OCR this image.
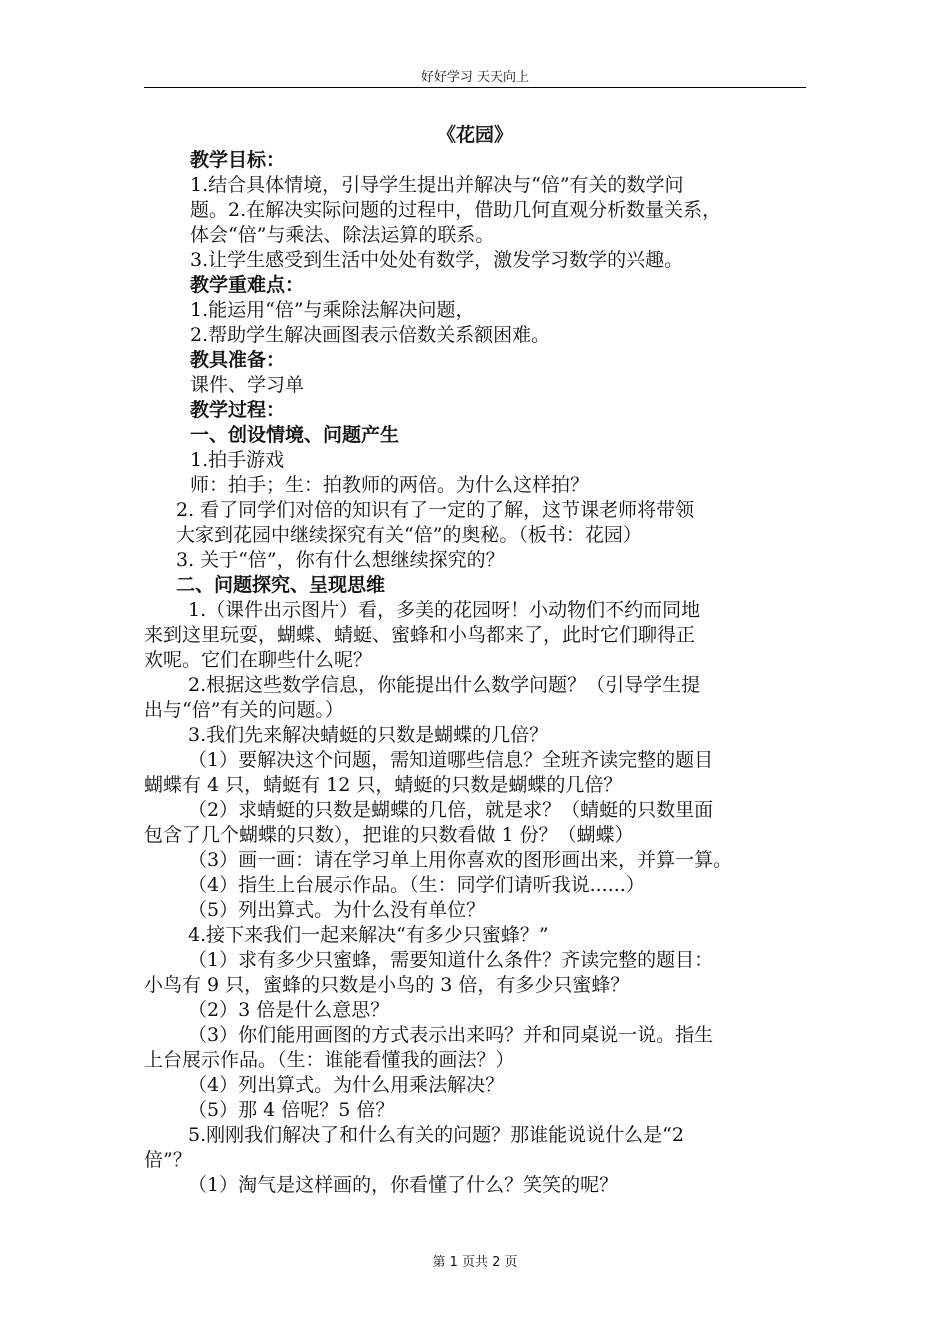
好好学习 天天向上
《花园》
教学目标：
1.结合具体情境，引导学生提出并解决与“倍”有关的数学问
题。2.在解决实际问题的过程中，借助几何直观分析数量关系，
体会“倍”与乘法、除法运算的联系。
3.让学生感受到生活中处处有数学，激发学习数学的兴趣。
教学重难点：
1.能运用“倍”与乘除法解决问题，
2.帮助学生解决画图表示倍数关系额困难。
教具准备：
课件、学习单
教学过程：
一、创设情境、问题产生
1.拍手游戏
师：拍手；生：拍教师的两倍。为什么这样拍？
2. 看了同学们对倍的知识有了一定的了解，这节课老师将带领
大家到花园中继续探究有关“倍”的奥秘。（板书：花园）
3. 关于“倍”，你有什么想继续探究的？
二、问题探究、呈现思维
1.（课件出示图片）看，多美的花园呀！小动物们不约而同地
来到这里玩耍，蝴蝶、蜻蜓、蜜蜂和小鸟都来了，此时它们聊得正
欢呢。它们在聊些什么呢？
2.根据这些数学信息，你能提出什么数学问题？（引导学生提
出与“倍”有关的问题。）
3.我们先来解决蜻蜓的只数是蝴蝶的几倍？
（1）要解决这个问题，需知道哪些信息？全班齐读完整的题目
蝴蝶有 4 只，蜻蜓有 12 只，蜻蜓的只数是蝴蝶的几倍？
（2）求蜻蜓的只数是蝴蝶的几倍，就是求？（蜻蜓的只数里面
包含了几个蝴蝶的只数），把谁的只数看做 1 份？（蝴蝶）
（3）画一画：请在学习单上用你喜欢的图形画出来，并算一算。
（4）指生上台展示作品。（生：同学们请听我说......）
（5）列出算式。为什么没有单位？
4.接下来我们一起来解决“有多少只蜜蜂？”
（1）求有多少只蜜蜂，需要知道什么条件？齐读完整的题目：
小鸟有 9 只，蜜蜂的只数是小鸟的 3 倍，有多少只蜜蜂？
（2）3 倍是什么意思？
（3）你们能用画图的方式表示出来吗？并和同桌说一说。指生
上台展示作品。（生：谁能看懂我的画法？）
（4）列出算式。为什么用乘法解决？
（5）那 4 倍呢？5 倍？
5.刚刚我们解决了和什么有关的问题？那谁能说说什么是“2
倍”？
（1）淘气是这样画的，你看懂了什么？笑笑的呢？
第 1 页共 2 页
